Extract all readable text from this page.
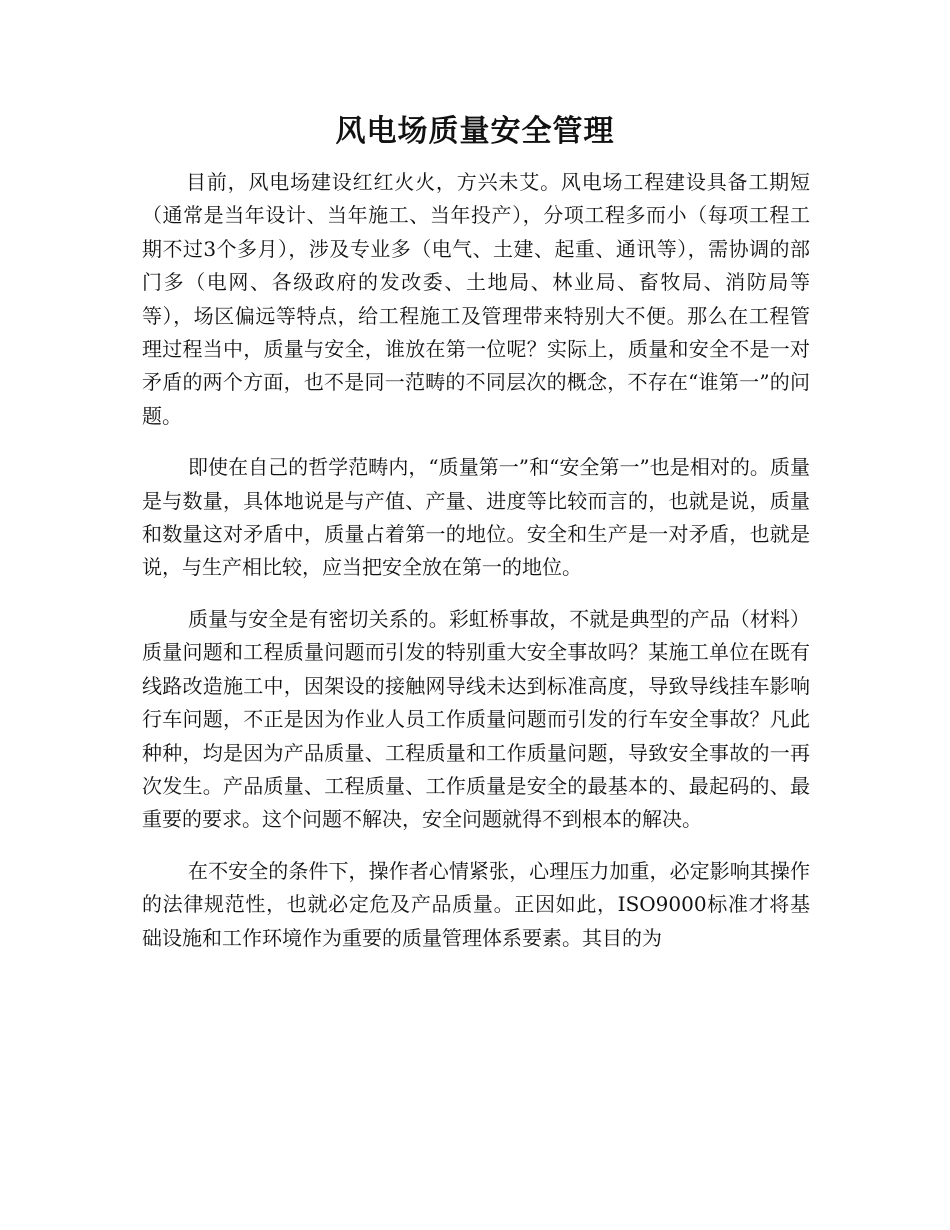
风电场质量安全管理

目前，风电场建设红红火火，方兴未艾。风电场工程建设具备工期短（通常是当年设计、当年施工、当年投产），分项工程多而小（每项工程工期不过3个多月），涉及专业多（电气、土建、起重、通讯等），需协调的部门多（电网、各级政府的发改委、土地局、林业局、畜牧局、消防局等等），场区偏远等特点，给工程施工及管理带来特别大不便。那么在工程管理过程当中，质量与安全，谁放在第一位呢？实际上，质量和安全不是一对矛盾的两个方面，也不是同一范畴的不同层次的概念，不存在“谁第一”的问题。

即使在自己的哲学范畴内，“质量第一”和“安全第一”也是相对的。质量是与数量，具体地说是与产值、产量、进度等比较而言的，也就是说，质量和数量这对矛盾中，质量占着第一的地位。安全和生产是一对矛盾，也就是说，与生产相比较，应当把安全放在第一的地位。

质量与安全是有密切关系的。彩虹桥事故，不就是典型的产品（材料）质量问题和工程质量问题而引发的特别重大安全事故吗？某施工单位在既有线路改造施工中，因架设的接触网导线未达到标准高度，导致导线挂车影响行车问题，不正是因为作业人员工作质量问题而引发的行车安全事故？凡此种种，均是因为产品质量、工程质量和工作质量问题，导致安全事故的一再次发生。产品质量、工程质量、工作质量是安全的最基本的、最起码的、最重要的要求。这个问题不解决，安全问题就得不到根本的解决。

在不安全的条件下，操作者心情紧张，心理压力加重，必定影响其操作的法律规范性，也就必定危及产品质量。正因如此，ISO9000标准才将基础设施和工作环境作为重要的质量管理体系要素。其目的为
